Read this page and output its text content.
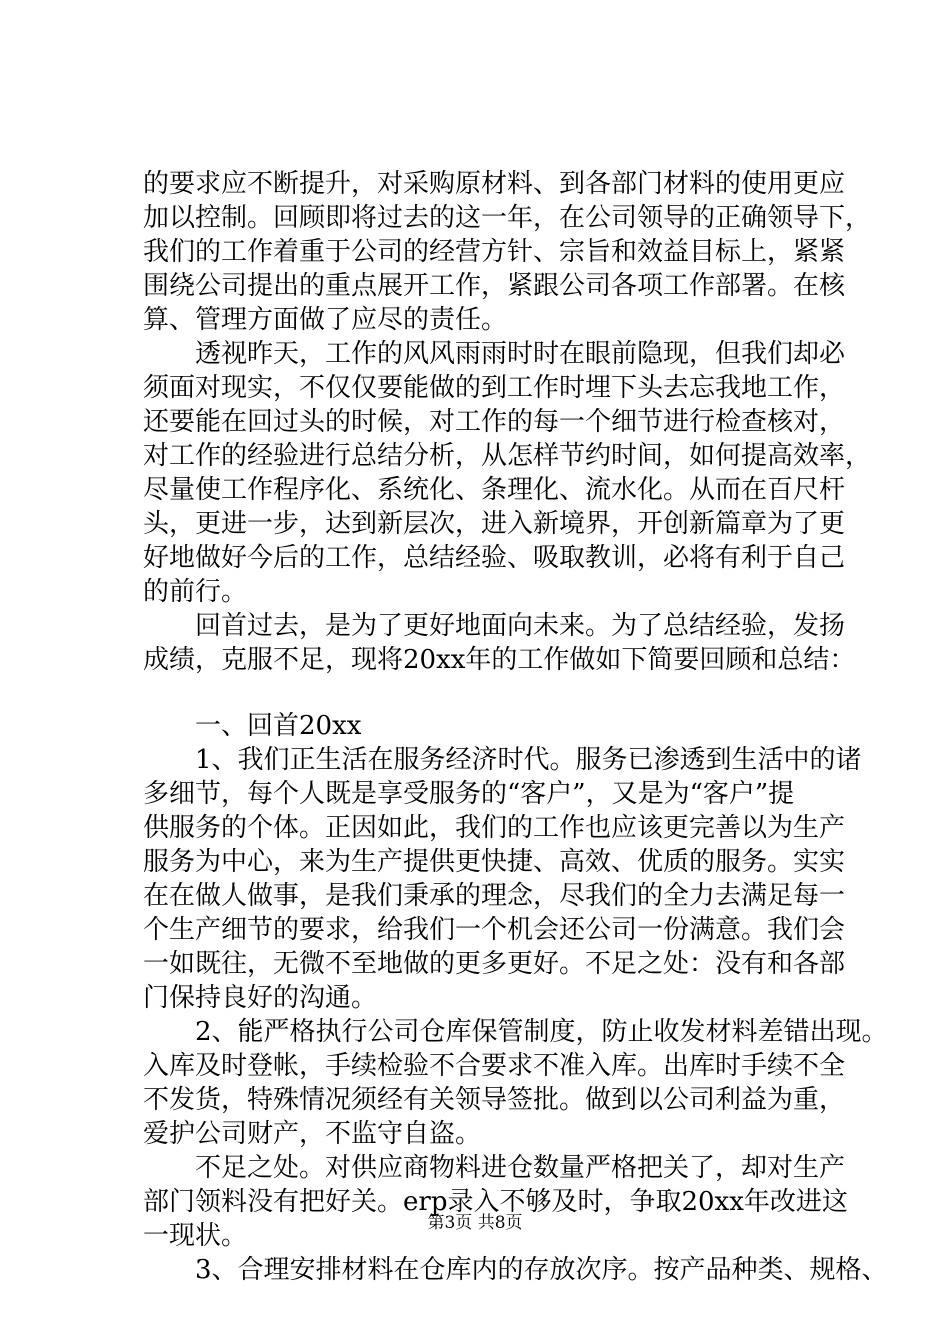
的要求应不断提升，对采购原材料、到各部门材料的使用更应
加以控制。回顾即将过去的这一年，在公司领导的正确领导下，
我们的工作着重于公司的经营方针、宗旨和效益目标上，紧紧
围绕公司提出的重点展开工作，紧跟公司各项工作部署。在核
算、管理方面做了应尽的责任。
　　透视昨天，工作的风风雨雨时时在眼前隐现，但我们却必
须面对现实，不仅仅要能做的到工作时埋下头去忘我地工作，
还要能在回过头的时候，对工作的每一个细节进行检查核对，
对工作的经验进行总结分析，从怎样节约时间，如何提高效率，
尽量使工作程序化、系统化、条理化、流水化。从而在百尺杆
头，更进一步，达到新层次，进入新境界，开创新篇章为了更
好地做好今后的工作，总结经验、吸取教训，必将有利于自己
的前行。
　　回首过去，是为了更好地面向未来。为了总结经验，发扬
成绩，克服不足，现将20xx年的工作做如下简要回顾和总结：
　　一、回首20xx
　　1、我们正生活在服务经济时代。服务已渗透到生活中的诸
多细节，每个人既是享受服务的“客户”，又是为“客户”提
供服务的个体。正因如此，我们的工作也应该更完善以为生产
服务为中心，来为生产提供更快捷、高效、优质的服务。实实
在在做人做事，是我们秉承的理念，尽我们的全力去满足每一
个生产细节的要求，给我们一个机会还公司一份满意。我们会
一如既往，无微不至地做的更多更好。不足之处：没有和各部
门保持良好的沟通。
　　2、能严格执行公司仓库保管制度，防止收发材料差错出现。
入库及时登帐，手续检验不合要求不准入库。出库时手续不全
不发货，特殊情况须经有关领导签批。做到以公司利益为重，
爱护公司财产，不监守自盗。
　　不足之处。对供应商物料进仓数量严格把关了，却对生产
部门领料没有把好关。erp录入不够及时，争取20xx年改进这
一现状。
　　3、合理安排材料在仓库内的存放次序。按产品种类、规格、
第3页 共8页
